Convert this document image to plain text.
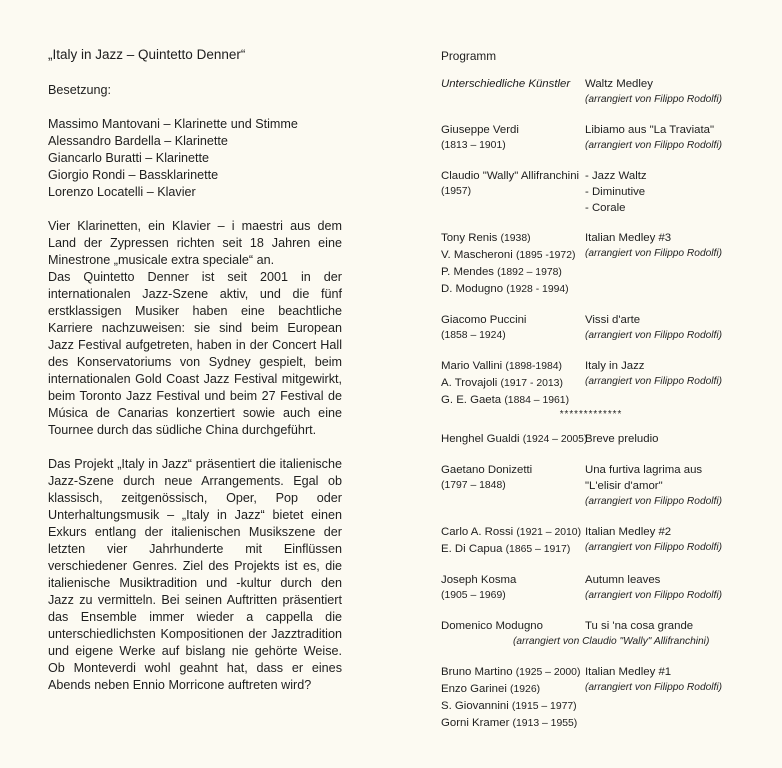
„Italy in Jazz – Quintetto Denner“

Besetzung:

Massimo Mantovani – Klarinette und Stimme
Alessandro Bardella – Klarinette
Giancarlo Buratti – Klarinette
Giorgio Rondi – Bassklarinette
Lorenzo Locatelli – Klavier

Vier Klarinetten, ein Klavier – i maestri aus dem Land der Zypressen richten seit 18 Jahren eine Minestrone „musicale extra speciale“ an.

Das Quintetto Denner ist seit 2001 in der internationalen Jazz-Szene aktiv, und die fünf erstklassigen Musiker haben eine beachtliche Karriere nachzuweisen: sie sind beim European Jazz Festival aufgetreten, haben in der Concert Hall des Konservatoriums von Sydney gespielt, beim internationalen Gold Coast Jazz Festival mitgewirkt, beim Toronto Jazz Festival und beim 27 Festival de Música de Canarias konzertiert sowie auch eine Tournee durch das südliche China durchgeführt.

Das Projekt „Italy in Jazz“ präsentiert die italienische Jazz-Szene durch neue Arrangements. Egal ob klassisch, zeitgenössisch, Oper, Pop oder Unterhaltungsmusik – „Italy in Jazz“ bietet einen Exkurs entlang der italienischen Musikszene der letzten vier Jahrhunderte mit Einflüssen verschiedener Genres. Ziel des Projekts ist es, die italienische Musiktradition und -kultur durch den Jazz zu vermitteln. Bei seinen Auftritten präsentiert das Ensemble immer wieder a cappella die unterschiedlichsten Kompositionen der Jazztradition und eigene Werke auf bislang nie gehörte Weise. Ob Monteverdi wohl geahnt hat, dass er eines Abends neben Ennio Morricone auftreten wird?

Programm
Unterschiedliche Künstler	Waltz Medley
(arrangiert von Filippo Rodolfi)
Giuseppe Verdi
(1813 – 1901)
Libiamo aus "La Traviata"
(arrangiert von Filippo Rodolfi)
Claudio "Wally" Allifranchini
(1957)
- Jazz Waltz
- Diminutive
- Corale
Tony Renis (1938)
V. Mascheroni (1895 -1972)
P. Mendes (1892 – 1978)
D. Modugno (1928 - 1994)
Italian Medley #3
(arrangiert von Filippo Rodolfi)
Giacomo Puccini
(1858 – 1924)
Vissi d'arte
(arrangiert von Filippo Rodolfi)
Mario Vallini (1898-1984)
A. Trovajoli (1917 - 2013)
G. E. Gaeta (1884 – 1961)
Italy in Jazz
(arrangiert von Filippo Rodolfi)
*************
Henghel Gualdi (1924 – 2005)
Breve preludio
Gaetano Donizetti
(1797 – 1848)
Una furtiva lagrima aus
"L'elisir d'amor"
(arrangiert von Filippo Rodolfi)
Carlo A. Rossi (1921 – 2010)
E. Di Capua (1865 – 1917)
Italian Medley #2
(arrangiert von Filippo Rodolfi)
Joseph Kosma
(1905 – 1969)
Autumn leaves
(arrangiert von Filippo Rodolfi)
Domenico Modugno	Tu si 'na cosa grande
(arrangiert von Claudio "Wally" Allifranchini)
Bruno Martino (1925 – 2000)
Enzo Garinei (1926)
S. Giovannini (1915 – 1977)
Gorni Kramer (1913 – 1955)
Italian Medley #1
(arrangiert von Filippo Rodolfi)
